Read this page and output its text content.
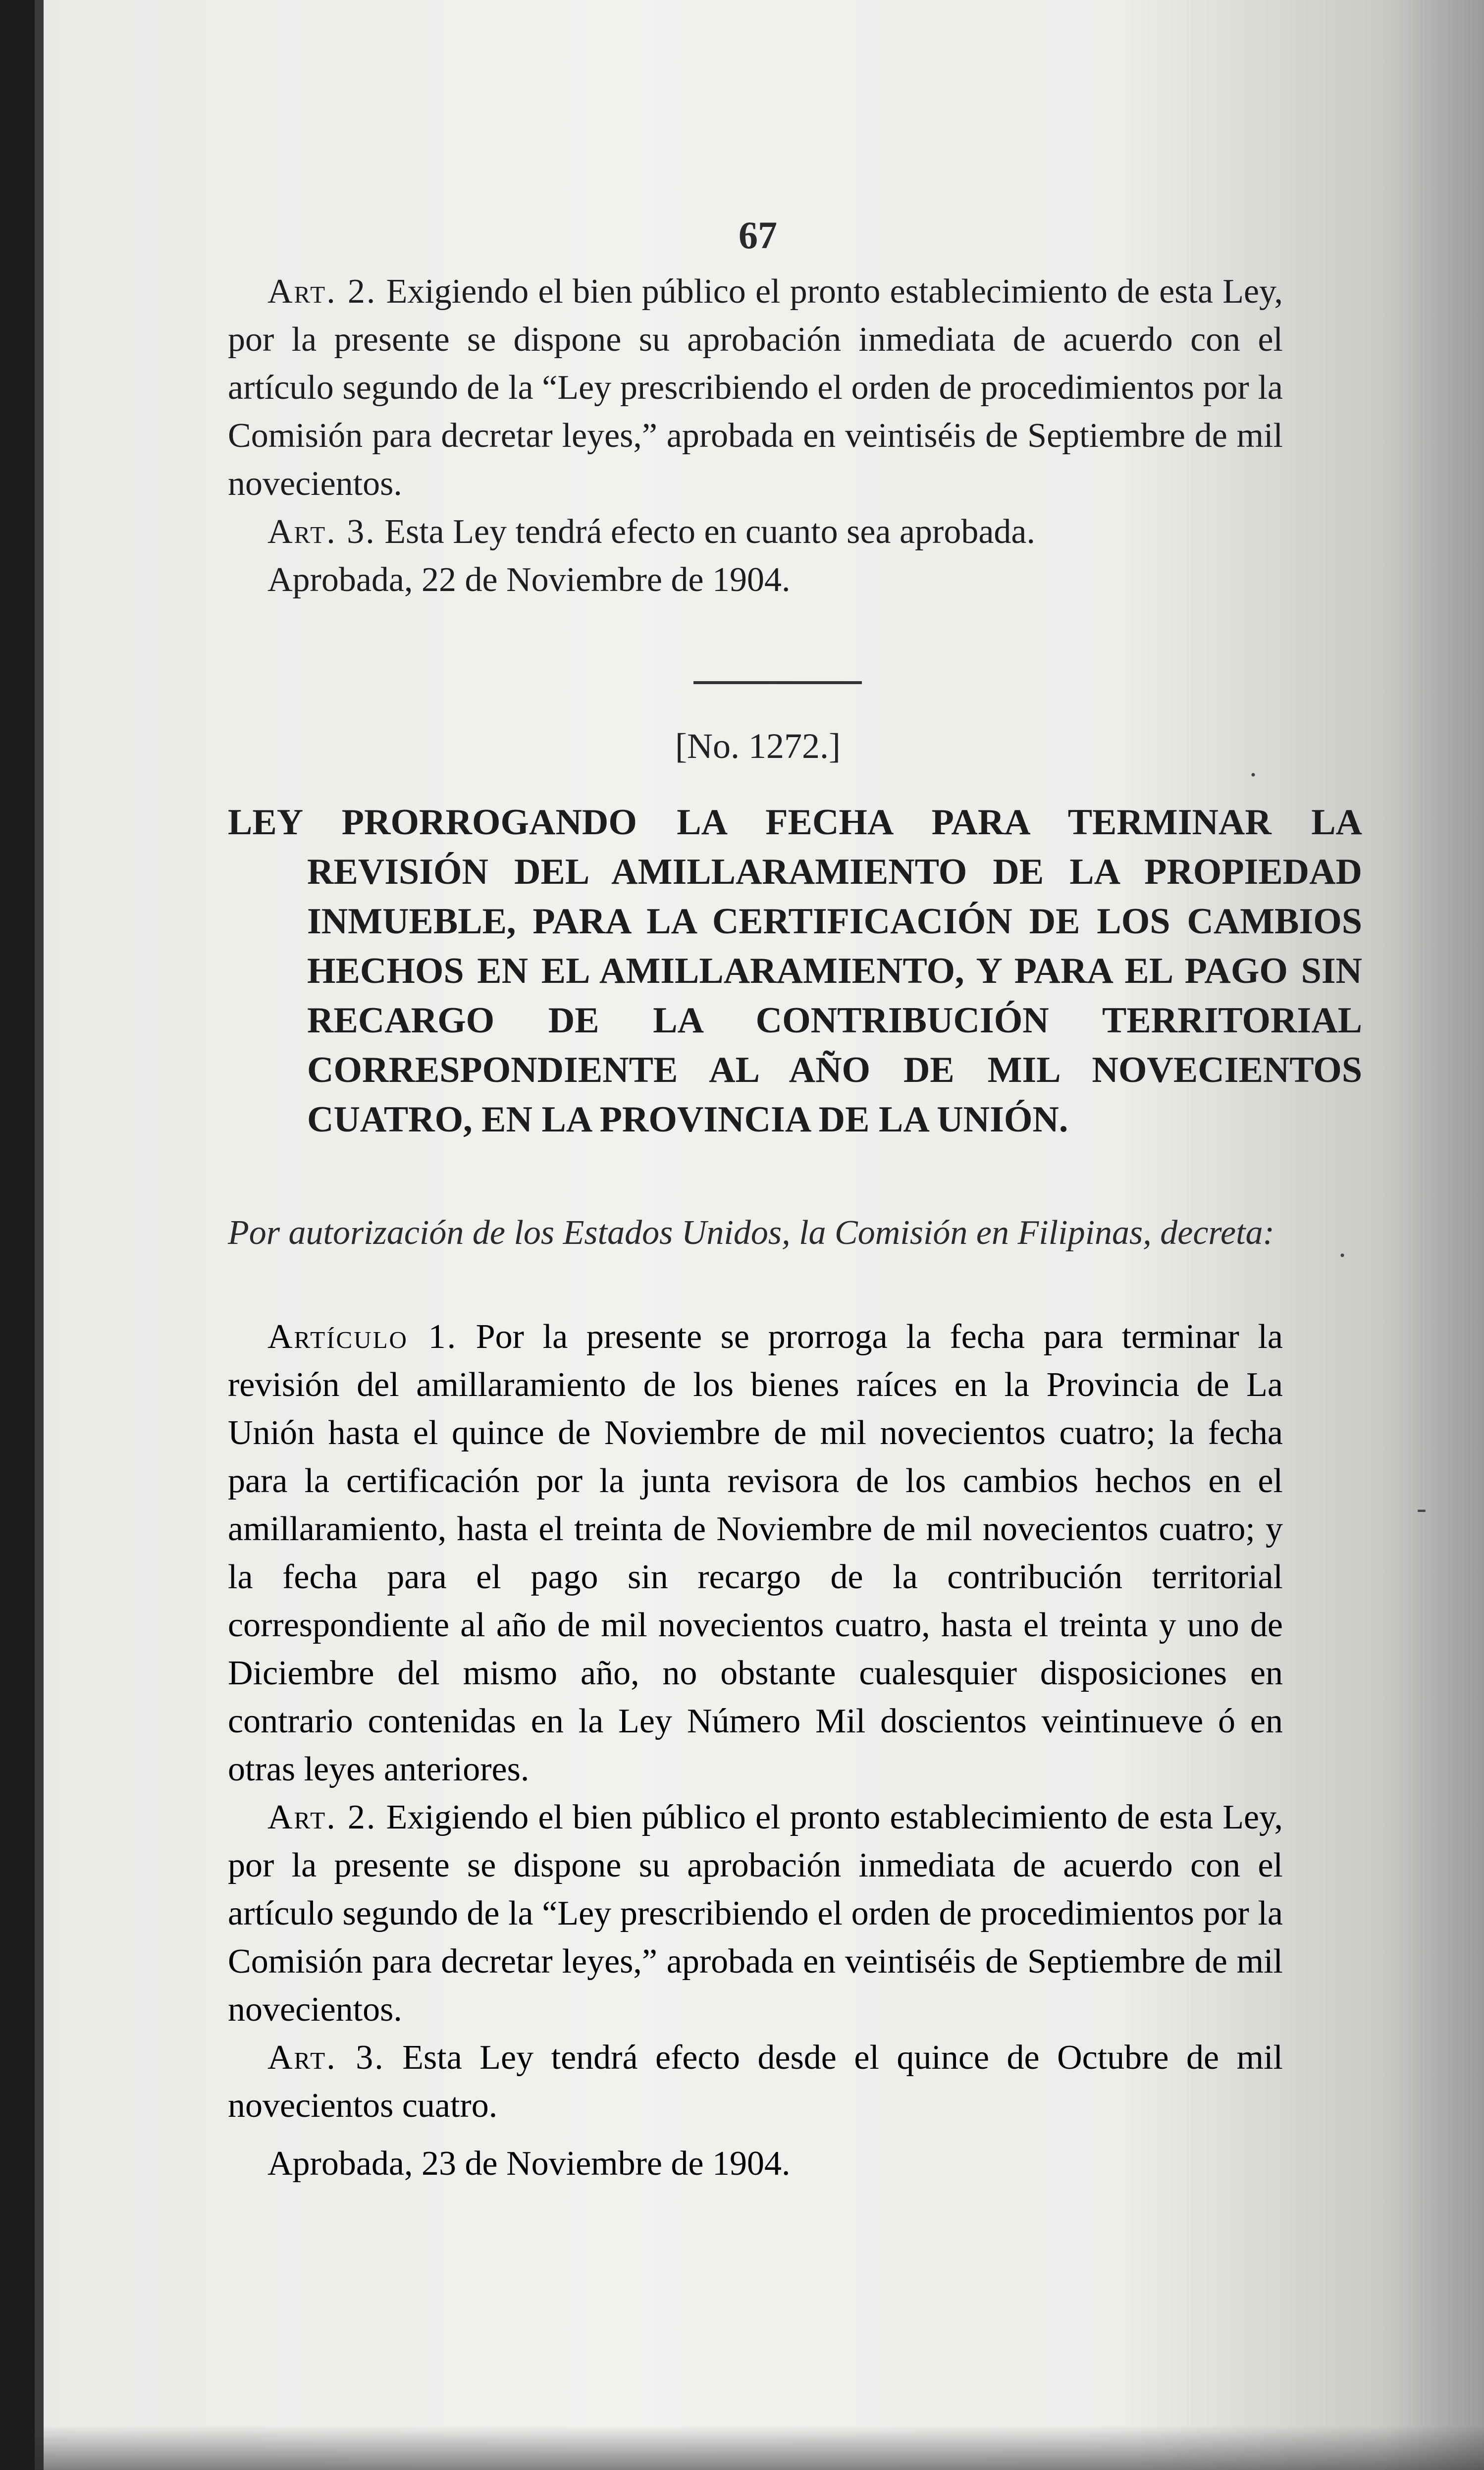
67

Art. 2. Exigiendo el bien público el pronto establecimiento de esta Ley, por la presente se dispone su aprobación inmediata de acuerdo con el artículo segundo de la “Ley prescribiendo el orden de procedimientos por la Comisión para decretar leyes,” aprobada en veintiséis de Septiembre de mil novecientos.

Art. 3. Esta Ley tendrá efecto en cuanto sea aprobada.

Aprobada, 22 de Noviembre de 1904.

[No. 1272.]

LEY PRORROGANDO LA FECHA PARA TERMINAR LA REVISIÓN DEL AMILLARAMIENTO DE LA PROPIEDAD INMUEBLE, PARA LA CERTIFICACIÓN DE LOS CAMBIOS HECHOS EN EL AMILLARAMIENTO, Y PARA EL PAGO SIN RECARGO DE LA CONTRIBUCIÓN TERRITORIAL CORRESPONDIENTE AL AÑO DE MIL NOVECIENTOS CUATRO, EN LA PROVINCIA DE LA UNIÓN.

Por autorización de los Estados Unidos, la Comisión en Filipinas, decreta:

Artículo 1. Por la presente se prorroga la fecha para terminar la revisión del amillaramiento de los bienes raíces en la Provincia de La Unión hasta el quince de Noviembre de mil novecientos cuatro; la fecha para la certificación por la junta revisora de los cambios hechos en el amillaramiento, hasta el treinta de Noviembre de mil novecientos cuatro; y la fecha para el pago sin recargo de la contribución territorial correspondiente al año de mil novecientos cuatro, hasta el treinta y uno de Diciembre del mismo año, no obstante cualesquier disposiciones en contrario contenidas en la Ley Número Mil doscientos veintinueve ó en otras leyes anteriores.

Art. 2. Exigiendo el bien público el pronto establecimiento de esta Ley, por la presente se dispone su aprobación inmediata de acuerdo con el artículo segundo de la “Ley prescribiendo el orden de procedimientos por la Comisión para decretar leyes,” aprobada en veintiséis de Septiembre de mil novecientos.

Art. 3. Esta Ley tendrá efecto desde el quince de Octubre de mil novecientos cuatro.

Aprobada, 23 de Noviembre de 1904.

·
·
-
